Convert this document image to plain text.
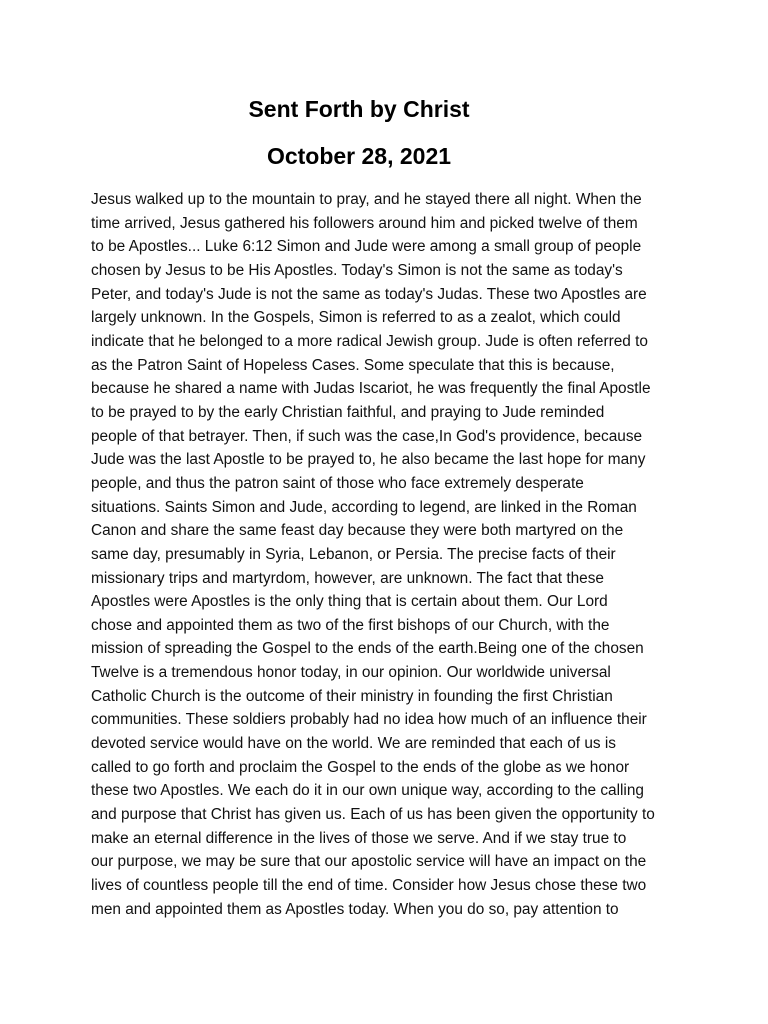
Sent Forth by Christ
October 28, 2021
Jesus walked up to the mountain to pray, and he stayed there all night. When the
time arrived, Jesus gathered his followers around him and picked twelve of them
to be Apostles... Luke 6:12 Simon and Jude were among a small group of people
chosen by Jesus to be His Apostles. Today's Simon is not the same as today's
Peter, and today's Jude is not the same as today's Judas. These two Apostles are
largely unknown. In the Gospels, Simon is referred to as a zealot, which could
indicate that he belonged to a more radical Jewish group. Jude is often referred to
as the Patron Saint of Hopeless Cases. Some speculate that this is because,
because he shared a name with Judas Iscariot, he was frequently the final Apostle
to be prayed to by the early Christian faithful, and praying to Jude reminded
people of that betrayer. Then, if such was the case,In God's providence, because
Jude was the last Apostle to be prayed to, he also became the last hope for many
people, and thus the patron saint of those who face extremely desperate
situations. Saints Simon and Jude, according to legend, are linked in the Roman
Canon and share the same feast day because they were both martyred on the
same day, presumably in Syria, Lebanon, or Persia. The precise facts of their
missionary trips and martyrdom, however, are unknown. The fact that these
Apostles were Apostles is the only thing that is certain about them. Our Lord
chose and appointed them as two of the first bishops of our Church, with the
mission of spreading the Gospel to the ends of the earth.Being one of the chosen
Twelve is a tremendous honor today, in our opinion. Our worldwide universal
Catholic Church is the outcome of their ministry in founding the first Christian
communities. These soldiers probably had no idea how much of an influence their
devoted service would have on the world. We are reminded that each of us is
called to go forth and proclaim the Gospel to the ends of the globe as we honor
these two Apostles. We each do it in our own unique way, according to the calling
and purpose that Christ has given us. Each of us has been given the opportunity to
make an eternal difference in the lives of those we serve. And if we stay true to
our purpose, we may be sure that our apostolic service will have an impact on the
lives of countless people till the end of time. Consider how Jesus chose these two
men and appointed them as Apostles today. When you do so, pay attention to
